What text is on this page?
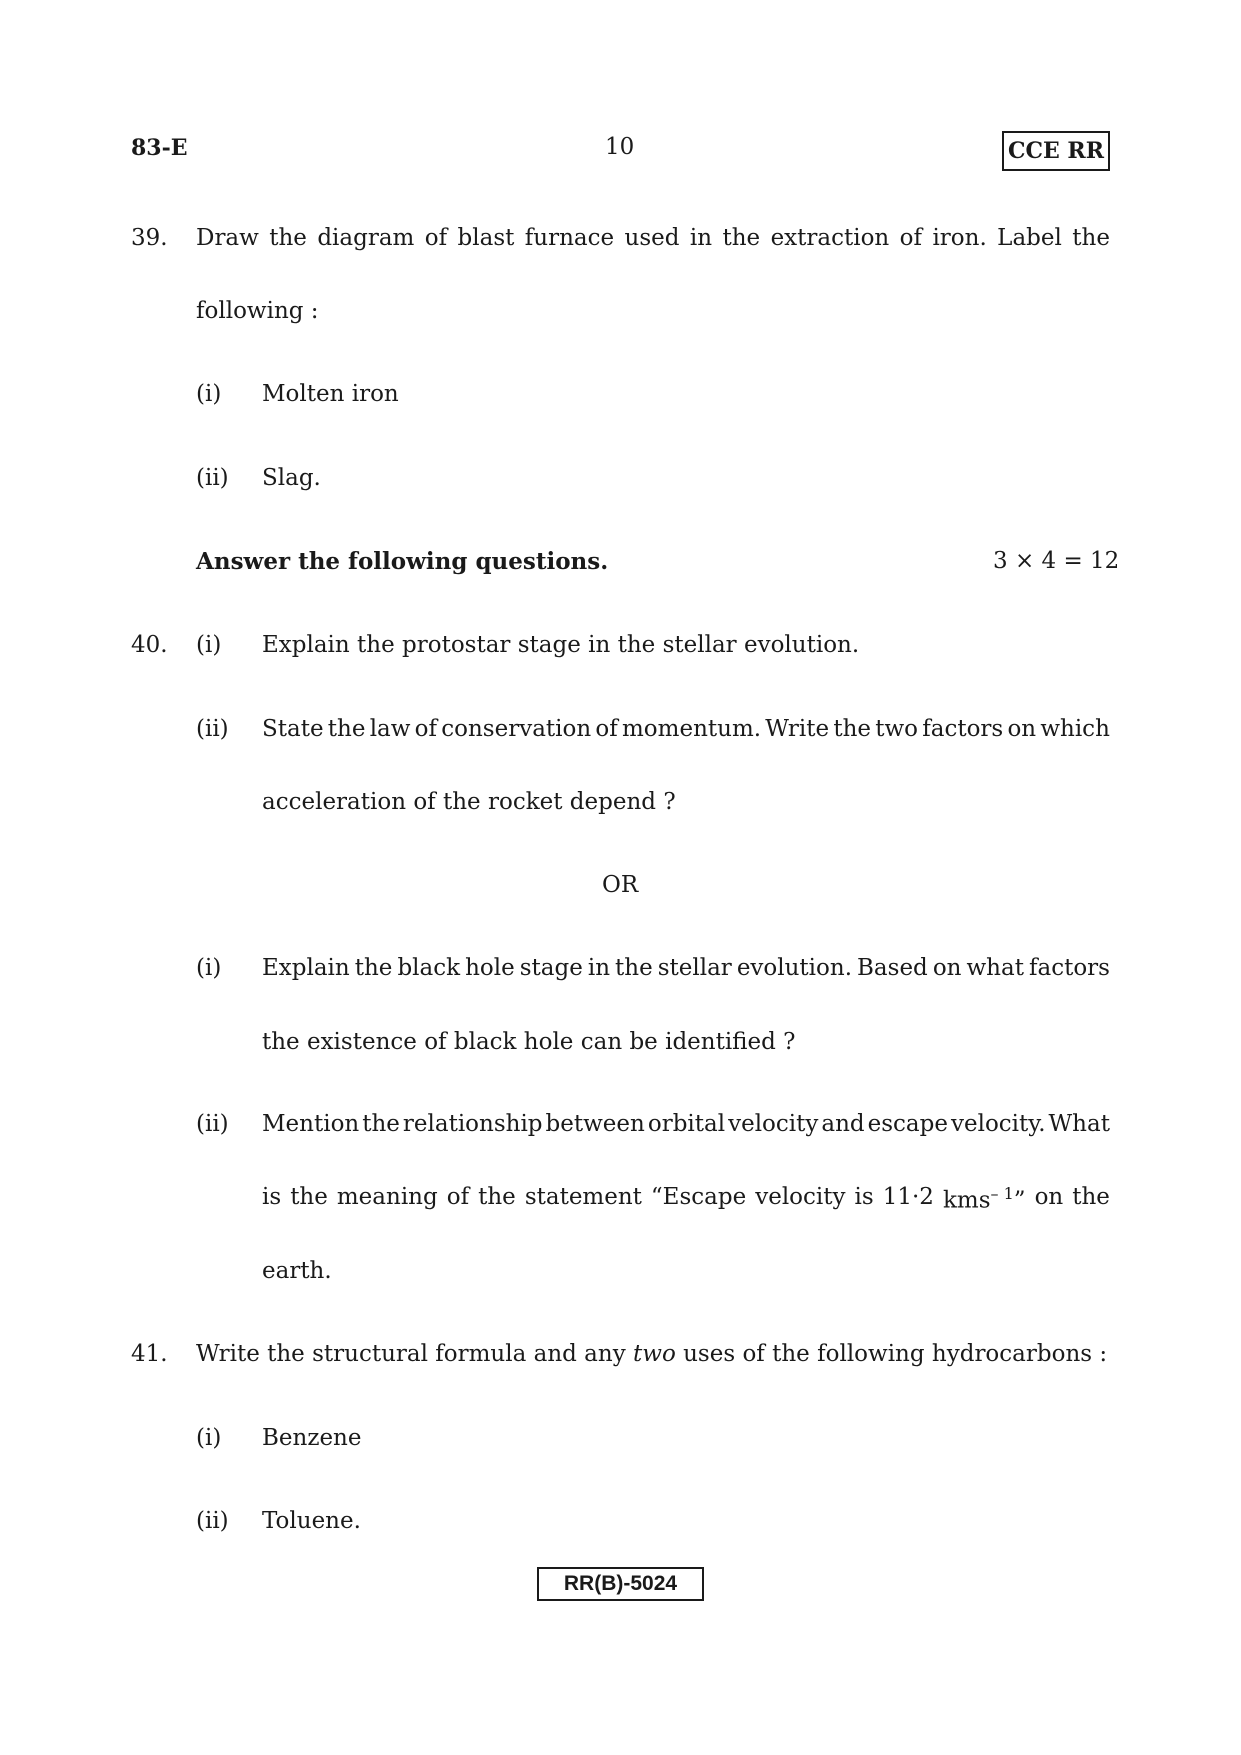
83-E	10	CCE RR
39. Draw the diagram of blast furnace used in the extraction of iron. Label the
following :
(i) Molten iron
(ii) Slag.
Answer the following questions.	3 × 4 = 12
40. (i) Explain the protostar stage in the stellar evolution.
(ii) State the law of conservation of momentum. Write the two factors on which
acceleration of the rocket depend ?
OR
(i) Explain the black hole stage in the stellar evolution. Based on what factors
the existence of black hole can be identified ?
(ii) Mention the relationship between orbital velocity and escape velocity. What
is the meaning of the statement “Escape velocity is 11·2 kms$^{- 1}$” on the
earth.
41. Write the structural formula and any two uses of the following hydrocarbons :
(i) Benzene
(ii) Toluene.
RR(B)-5024
